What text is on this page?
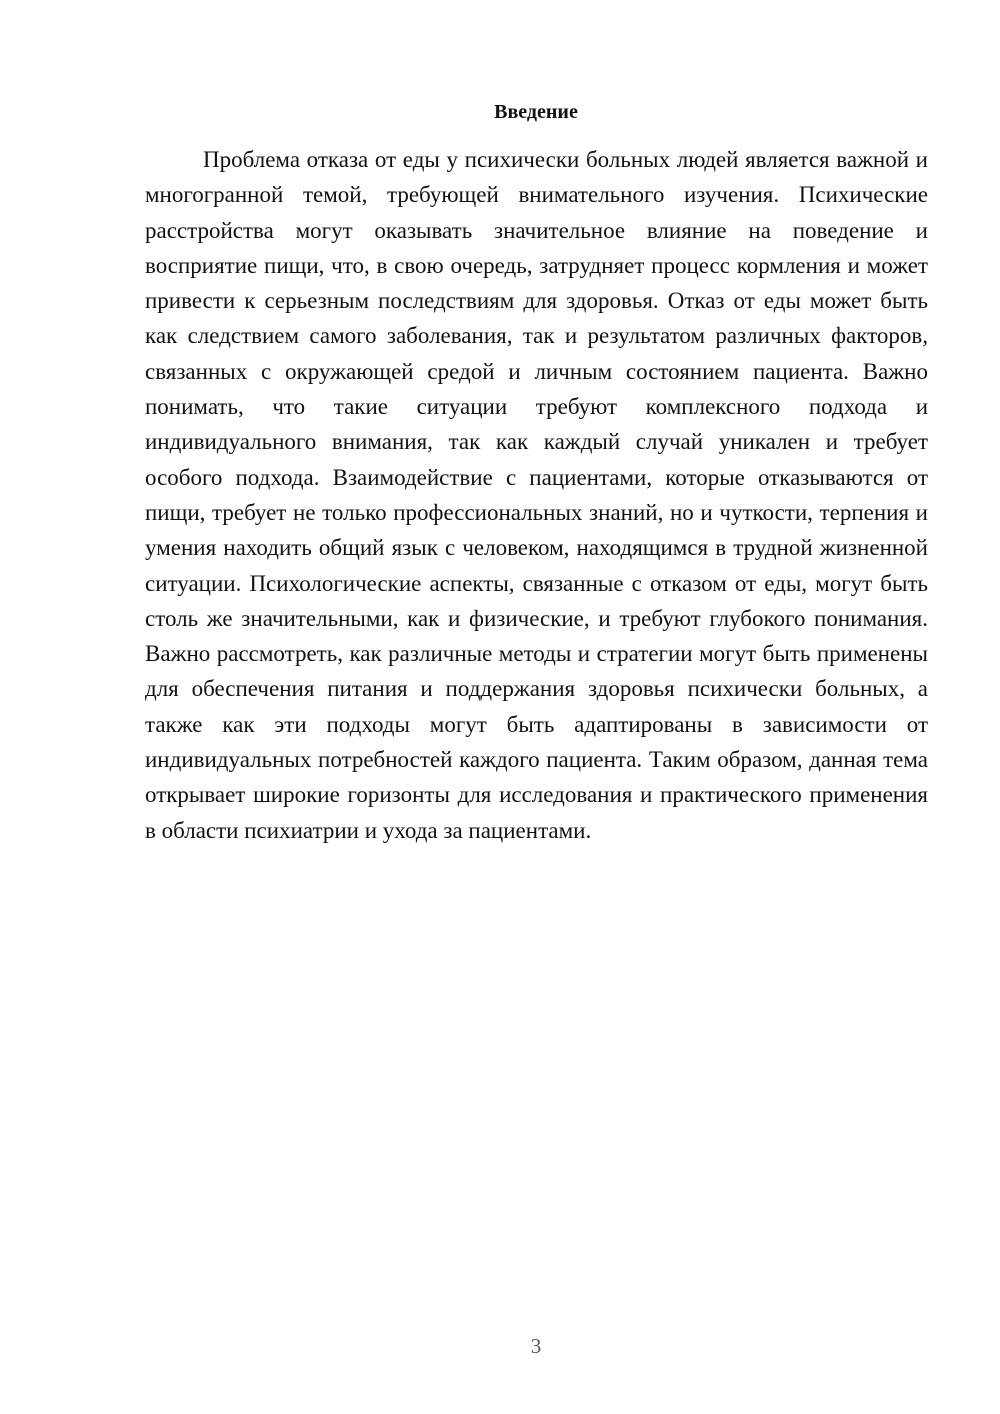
Введение

Проблема отказа от еды у психически больных людей является важной и многогранной темой, требующей внимательного изучения. Психические расстройства могут оказывать значительное влияние на поведение и восприятие пищи, что, в свою очередь, затрудняет процесс кормления и может привести к серьезным последствиям для здоровья. Отказ от еды может быть как следствием самого заболевания, так и результатом различных факторов, связанных с окружающей средой и личным состоянием пациента. Важно понимать, что такие ситуации требуют комплексного подхода и индивидуального внимания, так как каждый случай уникален и требует особого подхода. Взаимодействие с пациентами, которые отказываются от пищи, требует не только профессиональных знаний, но и чуткости, терпения и умения находить общий язык с человеком, находящимся в трудной жизненной ситуации. Психологические аспекты, связанные с отказом от еды, могут быть столь же значительными, как и физические, и требуют глубокого понимания. Важно рассмотреть, как различные методы и стратегии могут быть применены для обеспечения питания и поддержания здоровья психически больных, а также как эти подходы могут быть адаптированы в зависимости от индивидуальных потребностей каждого пациента. Таким образом, данная тема открывает широкие горизонты для исследования и практического применения в области психиатрии и ухода за пациентами.

3
